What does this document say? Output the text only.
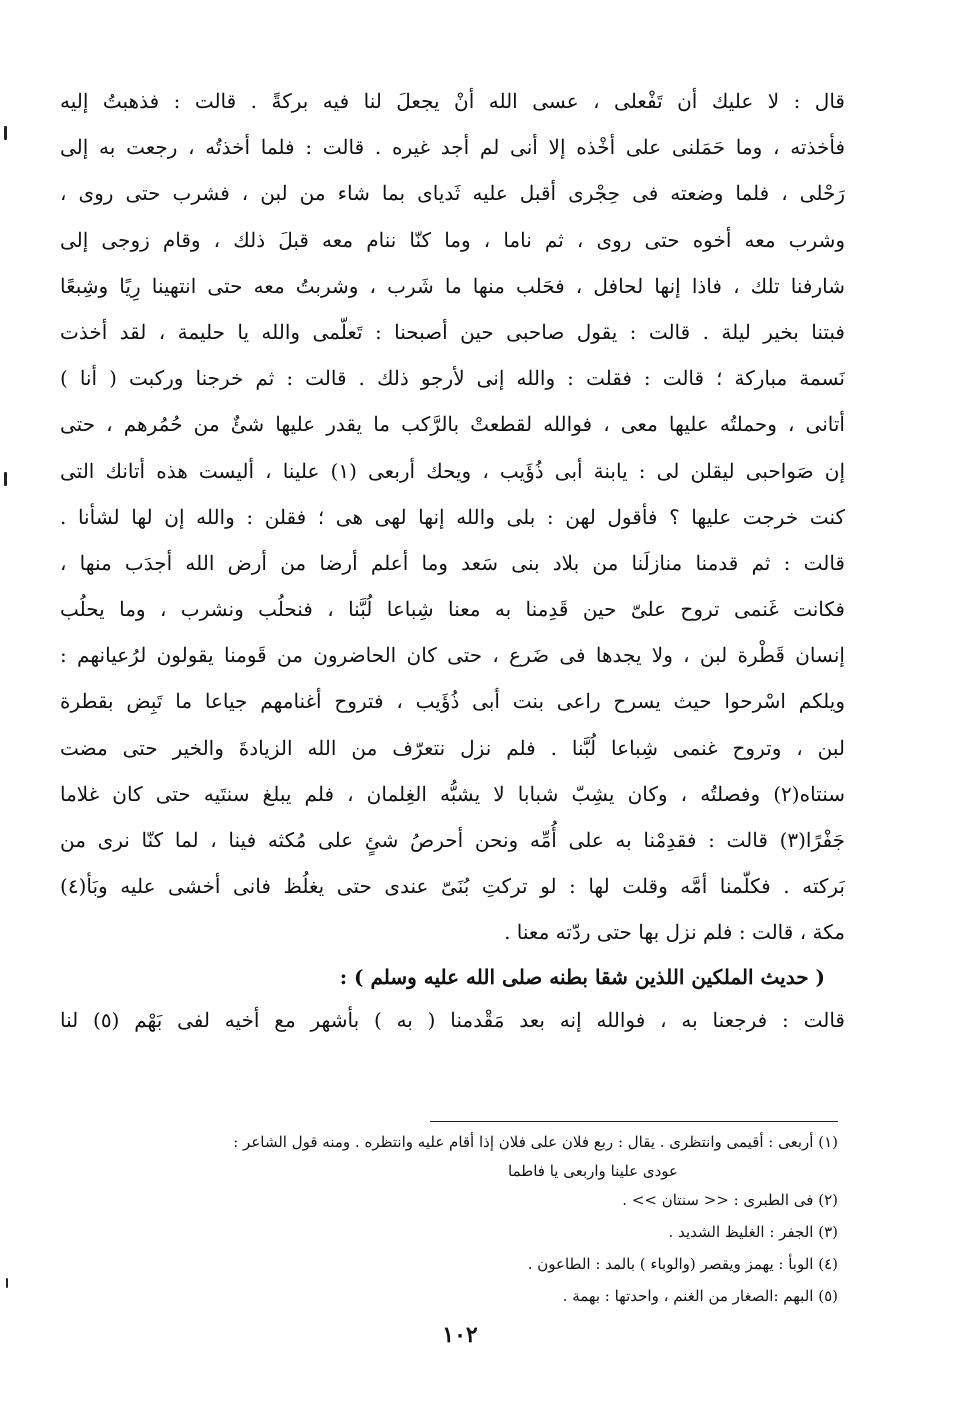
قال : لا عليك أن تَفْعلى ، عسى الله أنْ يجعلَ لنا فيه بركةً . قالت : فذهبتُ إليه
فأخذته ، وما حَمَلنى على أخْذه إلا أنى لم أجد غيره . قالت : فلما أخذتُه ، رجعت به إلى
رَحْلى ، فلما وضعته فى حِجْرى أقبل عليه ثَدياى بما شاء من لبن ، فشرب حتى روى ،
وشرب معه أخوه حتى روى ، ثم ناما ، وما كنّا ننام معه قبلَ ذلك ، وقام زوجى إلى
شارفنا تلك ، فاذا إنها لحافل ، فحَلب منها ما شَرب ، وشربتُ معه حتى انتهينا رِيًا وشِبعًا
فبتنا بخير ليلة . قالت : يقول صاحبى حين أصبحنا : تَعلّمى والله يا حليمة ، لقد أخذت
نَسمة مباركة ؛ قالت : فقلت : والله إنى لأرجو ذلك . قالت : ثم خرجنا وركبت ( أنا )
أتانى ، وحملتُه عليها معى ، فوالله لقطعتْ بالرَّكب ما يقدر عليها شئٌ من حُمُرهم ، حتى
إن صَواحبى ليقلن لى : يابنة أبى ذُؤَيب ، ويحك أربعى (١) علينا ، أليست هذه أتانك التى
كنت خرجت عليها ؟ فأقول لهن : بلى والله إنها لهى هى ؛ فقلن : والله إن لها لشأنا .
قالت : ثم قدمنا منازلَنا من بلاد بنى سَعد وما أعلم أرضا من أرض الله أجدَب منها ،
فكانت غَنمى تروح علىّ حين قَدِمنا به معنا شِباعا لُبَّنا ، فنحلُب ونشرب ، وما يحلُب
إنسان قَطْرة لبن ، ولا يجدها فى ضَرع ، حتى كان الحاضرون من قَومنا يقولون لرُعيانهم :
ويلكم اسْرحوا حيث يسرح راعى بنت أبى ذُؤَيب ، فتروح أغنامهم جياعا ما تَبِض بقطرة
لبن ، وتروح غنمى شِباعا لُبَّنا . فلم نزل نتعرّف من الله الزيادةَ والخير حتى مضت
سنتاه(٢) وفصلتُه ، وكان يشِبّ شبابا لا يشبُّه الغِلمان ، فلم يبلغ سنتَيه حتى كان غلاما
جَفْرًا(٣) قالت : فقدِمْنا به على أُمِّه ونحن أحرصُ شئٍ على مُكثه فينا ، لما كنّا نرى من
بَركته . فكلّمنا أمَّه وقلت لها : لو تركتِ بُنَىّ عندى حتى يغلُظ فانى أخشى عليه وبَأ(٤)
مكة ، قالت : فلم نزل بها حتى ردّته معنا .
( حديث الملكين اللذين شقا بطنه صلى الله عليه وسلم ) :
قالت : فرجعنا به ، فوالله إنه بعد مَقْدمنا ( به ) بأشهر مع أخيه لفى بَهْم (٥) لنا
(١) أربعى : أقيمى وانتظرى . يقال : ربع فلان على فلان إذا أقام عليه وانتظره . ومنه قول الشاعر :
عودى علينا واربعى يا فاطما
(٢) فى الطبرى : << سنتان >> .
(٣) الجفر : الغليظ الشديد .
(٤) الوبأ : يهمز ويقصر (والوباء ) بالمد : الطاعون .
(٥) البهم :الصغار من الغنم ، واحدتها : بهمة .
١٠٢
